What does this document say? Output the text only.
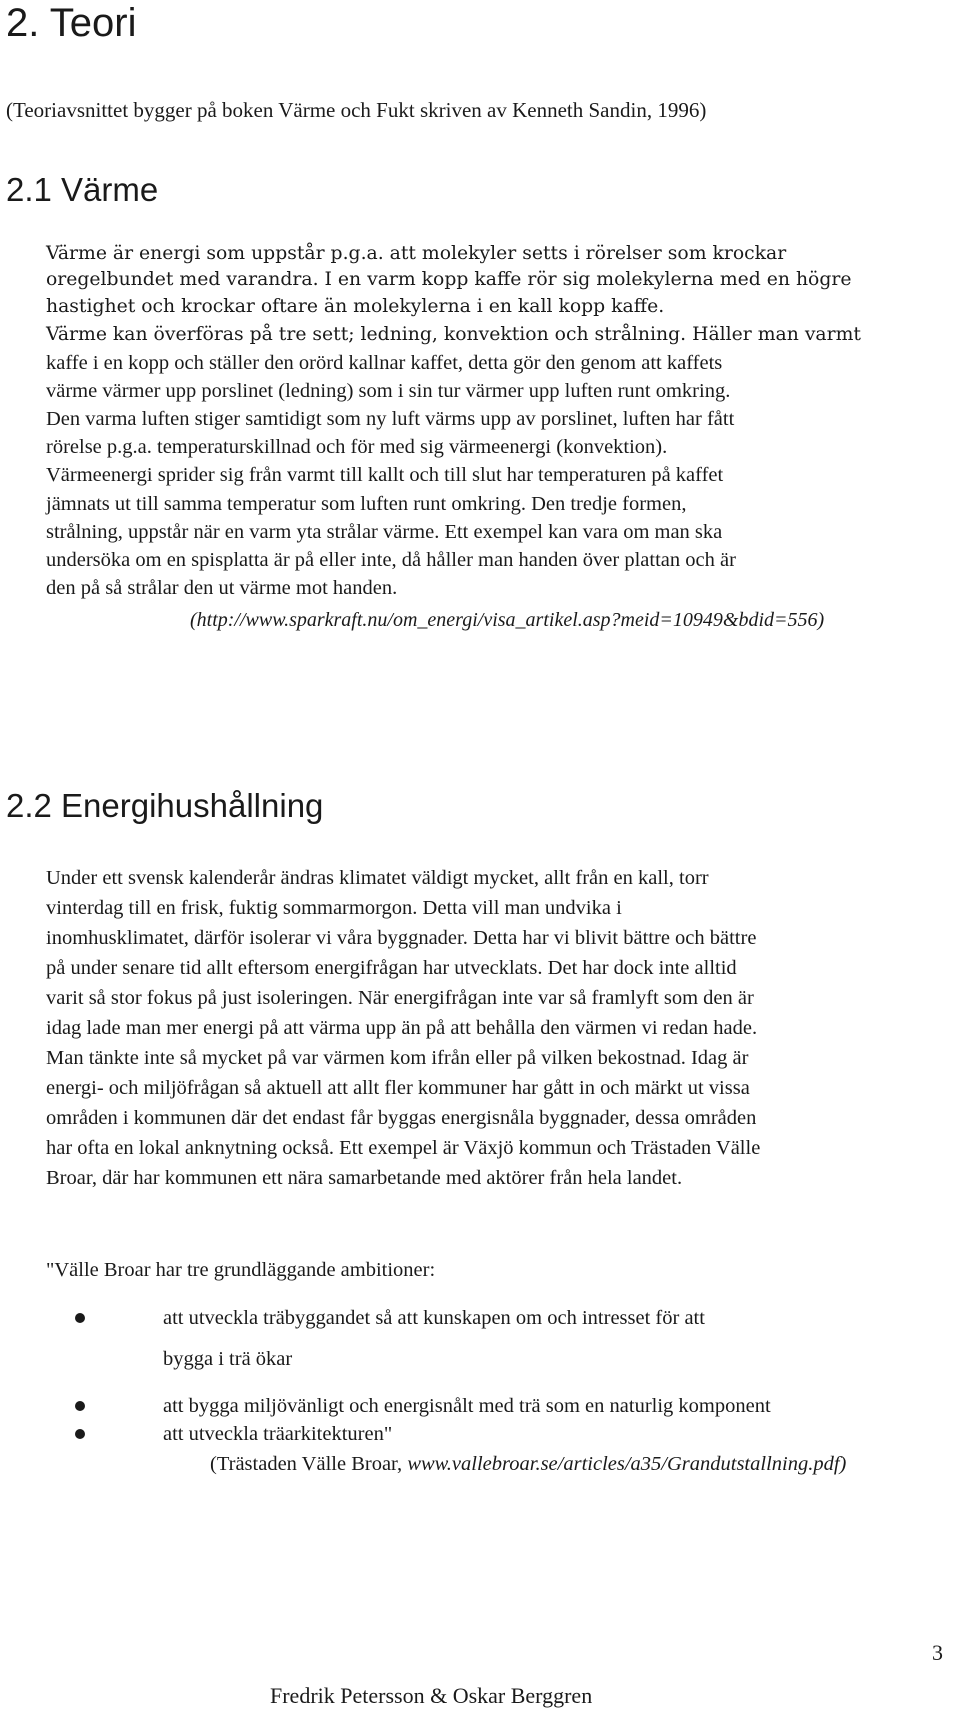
2. Teori
(Teoriavsnittet bygger på boken Värme och Fukt skriven av Kenneth Sandin, 1996)
2.1 Värme
Värme är energi som uppstår p.g.a. att molekyler setts i rörelser som krockar
oregelbundet med varandra. I en varm kopp kaffe rör sig molekylerna med en högre
hastighet och krockar oftare än molekylerna i en kall kopp kaffe.
Värme kan överföras på tre sett; ledning, konvektion och strålning. Häller man varmt
kaffe i en kopp och ställer den orörd kallnar kaffet, detta gör den genom att kaffets
värme värmer upp porslinet (ledning) som i sin tur värmer upp luften runt omkring.
Den varma luften stiger samtidigt som ny luft värms upp av porslinet, luften har fått
rörelse p.g.a. temperaturskillnad och för med sig värmeenergi (konvektion).
Värmeenergi sprider sig från varmt till kallt och till slut har temperaturen på kaffet
jämnats ut till samma temperatur som luften runt omkring. Den tredje formen,
strålning, uppstår när en varm yta strålar värme. Ett exempel kan vara om man ska
undersöka om en spisplatta är på eller inte, då håller man handen över plattan och är
den på så strålar den ut värme mot handen.
(http://www.sparkraft.nu/om_energi/visa_artikel.asp?meid=10949&bdid=556)
2.2 Energihushållning
Under ett svensk kalenderår ändras klimatet väldigt mycket, allt från en kall, torr
vinterdag till en frisk, fuktig sommarmorgon. Detta vill man undvika i
inomhusklimatet, därför isolerar vi våra byggnader. Detta har vi blivit bättre och bättre
på under senare tid allt eftersom energifrågan har utvecklats. Det har dock inte alltid
varit så stor fokus på just isoleringen. När energifrågan inte var så framlyft som den är
idag lade man mer energi på att värma upp än på att behålla den värmen vi redan hade.
Man tänkte inte så mycket på var värmen kom ifrån eller på vilken bekostnad. Idag är
energi- och miljöfrågan så aktuell att allt fler kommuner har gått in och märkt ut vissa
områden i kommunen där det endast får byggas energisnåla byggnader, dessa områden
har ofta en lokal anknytning också. Ett exempel är Växjö kommun och Trästaden Välle
Broar, där har kommunen ett nära samarbetande med aktörer från hela landet.
"Välle Broar har tre grundläggande ambitioner:
att utveckla träbyggandet så att kunskapen om och intresset för att
bygga i trä ökar
att bygga miljövänligt och energisnålt med trä som en naturlig komponent
att utveckla träarkitekturen"
(Trästaden Välle Broar, www.vallebroar.se/articles/a35/Grandutstallning.pdf)
3
Fredrik Petersson & Oskar Berggren
